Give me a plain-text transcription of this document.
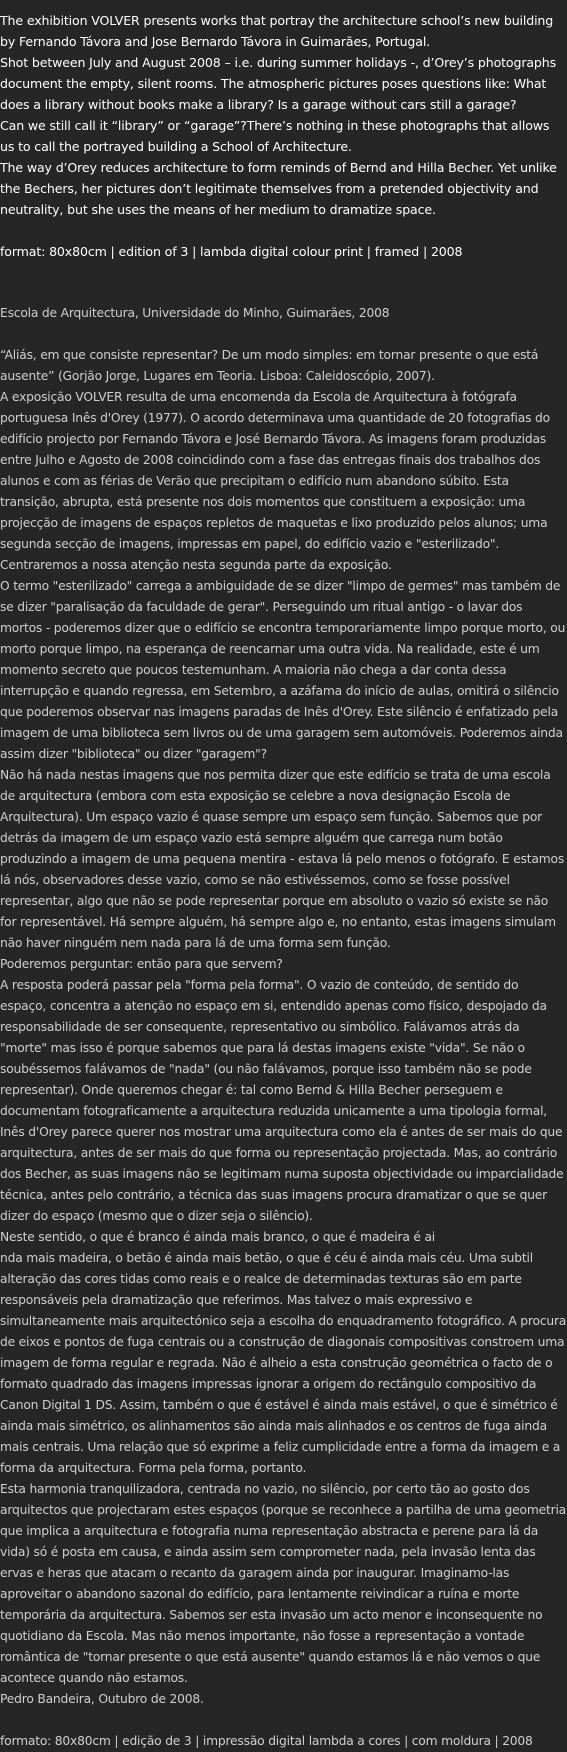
The exhibition VOLVER presents works that portray the architecture school’s new building by Fernando Távora and Jose Bernardo Távora in Guimarães, Portugal.

Shot between July and August 2008 – i.e. during summer holidays -, d’Orey’s photographs document the empty, silent rooms. The atmospheric pictures poses questions like: What does a library without books make a library? Is a garage without cars still a garage?

Can we still call it “library” or “garage”?There’s nothing in these photographs that allows us to call the portrayed building a School of Architecture.

The way d’Orey reduces architecture to form reminds of Bernd and Hilla Becher. Yet unlike the Bechers, her pictures don’t legitimate themselves from a pretended objectivity and neutrality, but she uses the means of her medium to dramatize space.

format: 80x80cm | edition of 3 | lambda digital colour print | framed | 2008

Escola de Arquitectura, Universidade do Minho, Guimarães, 2008

“Aliás, em que consiste representar? De um modo simples: em tornar presente o que está ausente” (Gorjão Jorge, Lugares em Teoria. Lisboa: Caleidoscópio, 2007).

A exposição VOLVER resulta de uma encomenda da Escola de Arquitectura à fotógrafa portuguesa Inês d'Orey (1977). O acordo determinava uma quantidade de 20 fotografias do edifício projecto por Fernando Távora e José Bernardo Távora. As imagens foram produzidas entre Julho e Agosto de 2008 coincidindo com a fase das entregas finais dos trabalhos dos alunos e com as férias de Verão que precipitam o edifício num abandono súbito. Esta transição, abrupta, está presente nos dois momentos que constituem a exposição: uma projecção de imagens de espaços repletos de maquetas e lixo produzido pelos alunos; uma segunda secção de imagens, impressas em papel, do edifício vazio e "esterilizado". Centraremos a nossa atenção nesta segunda parte da exposição.

O termo "esterilizado" carrega a ambiguidade de se dizer "limpo de germes" mas também de se dizer "paralisação da faculdade de gerar". Perseguindo um ritual antigo - o lavar dos mortos - poderemos dizer que o edifício se encontra temporariamente limpo porque morto, ou morto porque limpo, na esperança de reencarnar uma outra vida. Na realidade, este é um momento secreto que poucos testemunham. A maioria não chega a dar conta dessa interrupção e quando regressa, em Setembro, a azáfama do início de aulas, omitirá o silêncio que poderemos observar nas imagens paradas de Inês d'Orey. Este silêncio é enfatizado pela imagem de uma biblioteca sem livros ou de uma garagem sem automóveis. Poderemos ainda assim dizer "biblioteca" ou dizer "garagem"?

Não há nada nestas imagens que nos permita dizer que este edifício se trata de uma escola de arquitectura (embora com esta exposição se celebre a nova designação Escola de Arquitectura). Um espaço vazio é quase sempre um espaço sem função. Sabemos que por detrás da imagem de um espaço vazio está sempre alguém que carrega num botão produzindo a imagem de uma pequena mentira - estava lá pelo menos o fotógrafo. E estamos lá nós, observadores desse vazio, como se não estivéssemos, como se fosse possível representar, algo que não se pode representar porque em absoluto o vazio só existe se não for representável. Há sempre alguém, há sempre algo e, no entanto, estas imagens simulam não haver ninguém nem nada para lá de uma forma sem função.

Poderemos perguntar: então para que servem?

A resposta poderá passar pela "forma pela forma". O vazio de conteúdo, de sentido do espaço, concentra a atenção no espaço em si, entendido apenas como físico, despojado da responsabilidade de ser consequente, representativo ou simbólico. Falávamos atrás da "morte" mas isso é porque sabemos que para lá destas imagens existe "vida". Se não o soubéssemos falávamos de "nada" (ou não falávamos, porque isso também não se pode representar). Onde queremos chegar é: tal como Bernd & Hilla Becher perseguem e documentam fotograficamente a arquitectura reduzida unicamente a uma tipologia formal, Inês d'Orey parece querer nos mostrar uma arquitectura como ela é antes de ser mais do que arquitectura, antes de ser mais do que forma ou representação projectada. Mas, ao contrário dos Becher, as suas imagens não se legitimam numa suposta objectividade ou imparcialidade técnica, antes pelo contrário, a técnica das suas imagens procura dramatizar o que se quer dizer do espaço (mesmo que o dizer seja o silêncio).

Neste sentido, o que é branco é ainda mais branco, o que é madeira é ai

nda mais madeira, o betão é ainda mais betão, o que é céu é ainda mais céu. Uma subtil alteração das cores tidas como reais e o realce de determinadas texturas são em parte responsáveis pela dramatização que referimos. Mas talvez o mais expressivo e simultaneamente mais arquitectónico seja a escolha do enquadramento fotográfico. A procura de eixos e pontos de fuga centrais ou a construção de diagonais compositivas constroem uma imagem de forma regular e regrada. Não é alheio a esta construção geométrica o facto de o formato quadrado das imagens impressas ignorar a origem do rectângulo compositivo da Canon Digital 1 DS. Assim, também o que é estável é ainda mais estável, o que é simétrico é ainda mais simétrico, os alinhamentos são ainda mais alinhados e os centros de fuga ainda mais centrais. Uma relação que só exprime a feliz cumplicidade entre a forma da imagem e a forma da arquitectura. Forma pela forma, portanto.

Esta harmonia tranquilizadora, centrada no vazio, no silêncio, por certo tão ao gosto dos arquitectos que projectaram estes espaços (porque se reconhece a partilha de uma geometria que implica a arquitectura e fotografia numa representação abstracta e perene para lá da vida) só é posta em causa, e ainda assim sem comprometer nada, pela invasão lenta das ervas e heras que atacam o recanto da garagem ainda por inaugurar. Imaginamo-las aproveitar o abandono sazonal do edifício, para lentamente reivindicar a ruína e morte temporária da arquitectura. Sabemos ser esta invasão um acto menor e inconsequente no quotidiano da Escola. Mas não menos importante, não fosse a representação a vontade romântica de "tornar presente o que está ausente" quando estamos lá e não vemos o que acontece quando não estamos.

Pedro Bandeira, Outubro de 2008.

formato: 80x80cm | edição de 3 | impressão digital lambda a cores | com moldura | 2008
